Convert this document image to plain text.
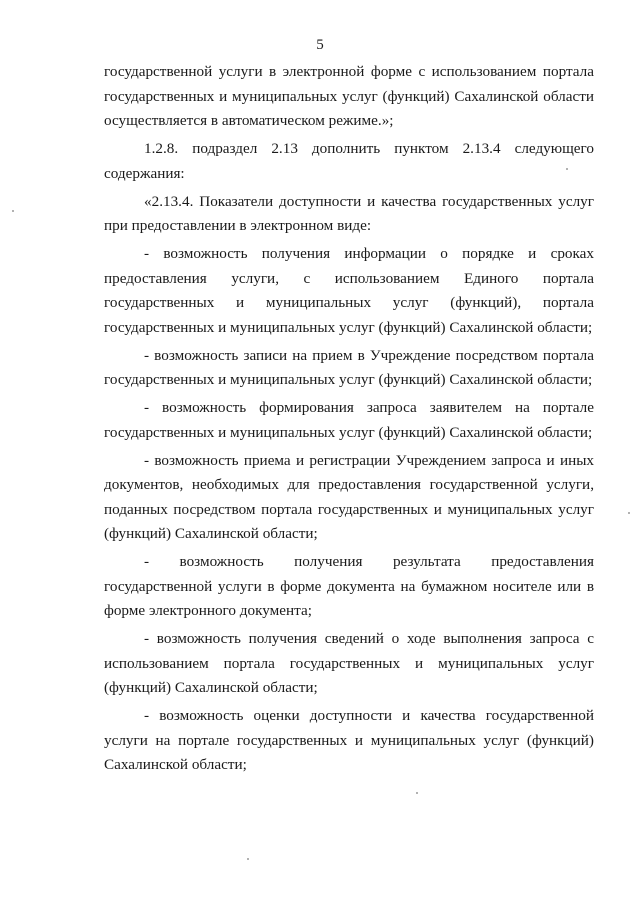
5

государственной услуги в электронной форме с использованием портала государственных и муниципальных услуг (функций) Сахалинской области осуществляется в автоматическом режиме.»;

1.2.8. подраздел 2.13 дополнить пунктом 2.13.4 следующего содержания:

«2.13.4. Показатели доступности и качества государственных услуг при предоставлении в электронном виде:

- возможность получения информации о порядке и сроках предоставления услуги, с использованием Единого портала государственных и муниципальных услуг (функций), портала государственных и муниципальных услуг (функций) Сахалинской области;

- возможность записи на прием в Учреждение посредством портала государственных и муниципальных услуг (функций) Сахалинской области;

- возможность формирования запроса заявителем на портале государственных и муниципальных услуг (функций) Сахалинской области;

- возможность приема и регистрации Учреждением запроса и иных документов, необходимых для предоставления государственной услуги, поданных посредством портала государственных и муниципальных услуг (функций) Сахалинской области;

- возможность получения результата предоставления государственной услуги в форме документа на бумажном носителе или в форме электронного документа;

- возможность получения сведений о ходе выполнения запроса с использованием портала государственных и муниципальных услуг (функций) Сахалинской области;

- возможность оценки доступности и качества государственной услуги на портале государственных и муниципальных услуг (функций) Сахалинской области;
